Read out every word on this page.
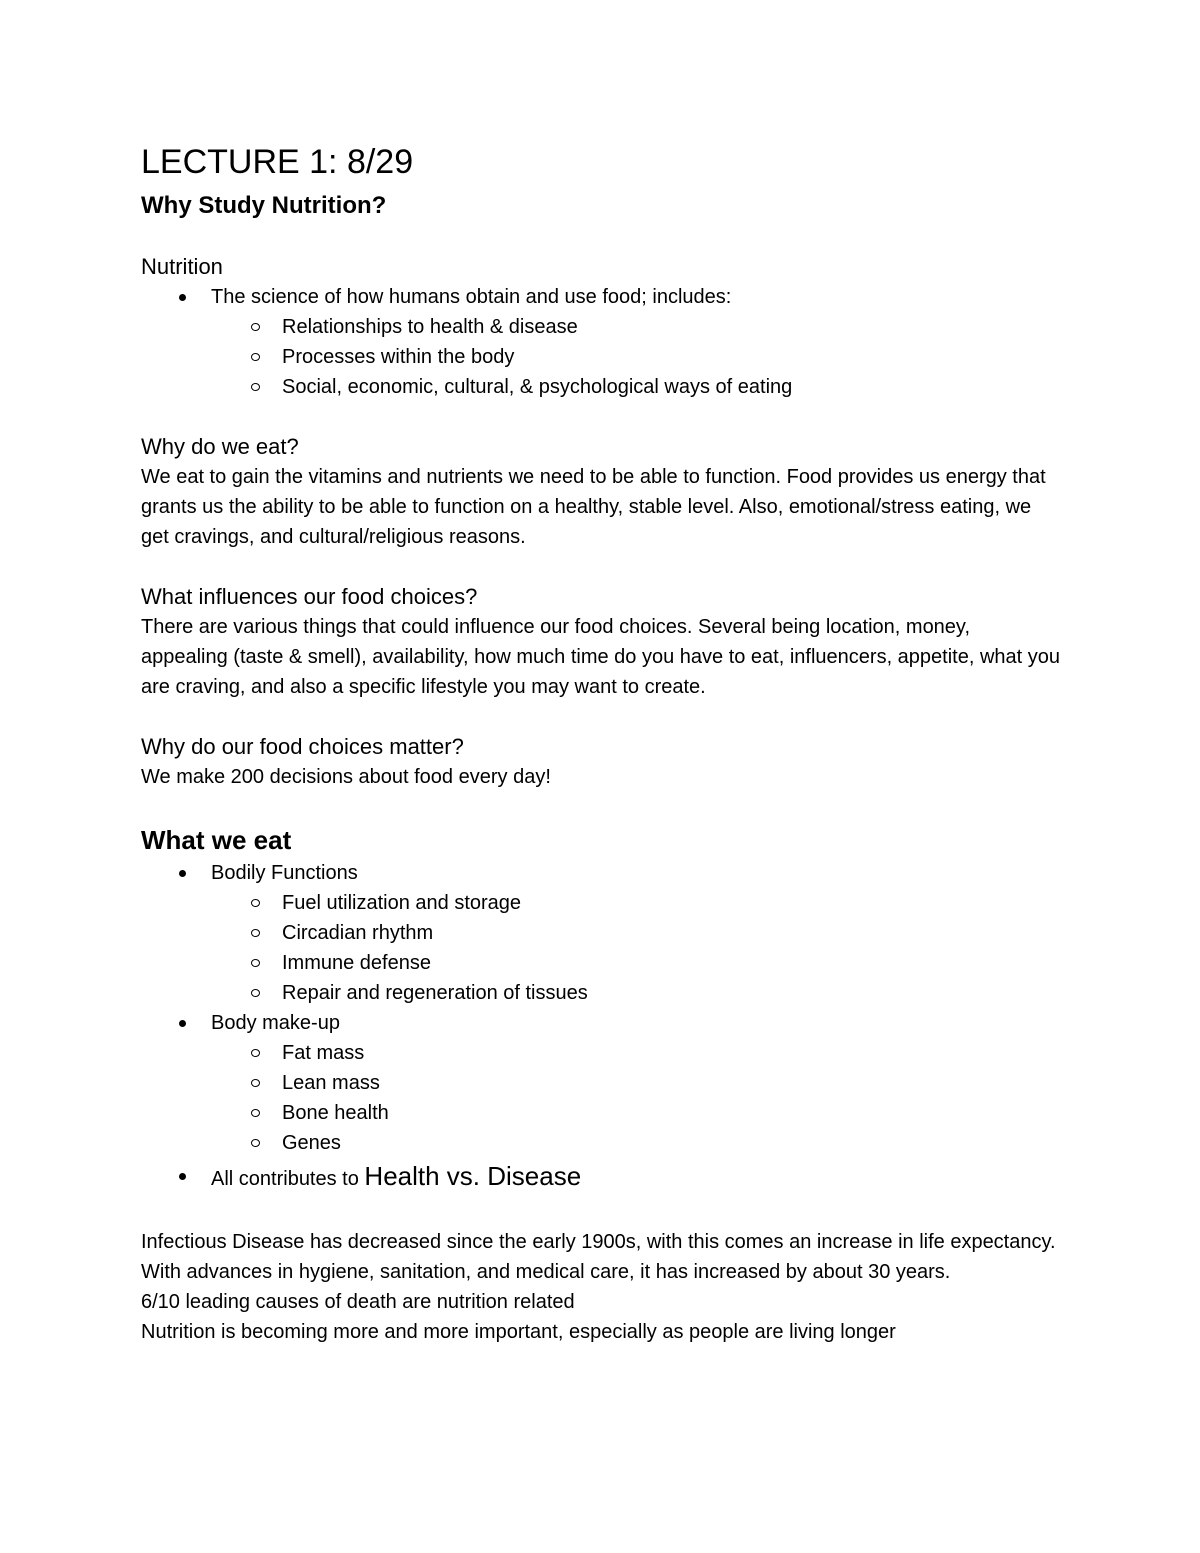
LECTURE 1: 8/29
Why Study Nutrition?

Nutrition

The science of how humans obtain and use food; includes:
Relationships to health & disease
Processes within the body
Social, economic, cultural, & psychological ways of eating

Why do we eat?

We eat to gain the vitamins and nutrients we need to be able to function. Food provides us energy that grants us the ability to be able to function on a healthy, stable level. Also, emotional/stress eating, we get cravings, and cultural/religious reasons.

What influences our food choices?

There are various things that could influence our food choices. Several being location, money, appealing (taste & smell), availability, how much time do you have to eat, influencers, appetite, what you are craving, and also a specific lifestyle you may want to create.

Why do our food choices matter?

We make 200 decisions about food every day!

What we eat
Bodily Functions
Fuel utilization and storage
Circadian rhythm
Immune defense
Repair and regeneration of tissues
Body make-up
Fat mass
Lean mass
Bone health
Genes
All contributes to Health vs. Disease

Infectious Disease has decreased since the early 1900s, with this comes an increase in life expectancy. With advances in hygiene, sanitation, and medical care, it has increased by about 30 years.

6/10 leading causes of death are nutrition related

Nutrition is becoming more and more important, especially as people are living longer
